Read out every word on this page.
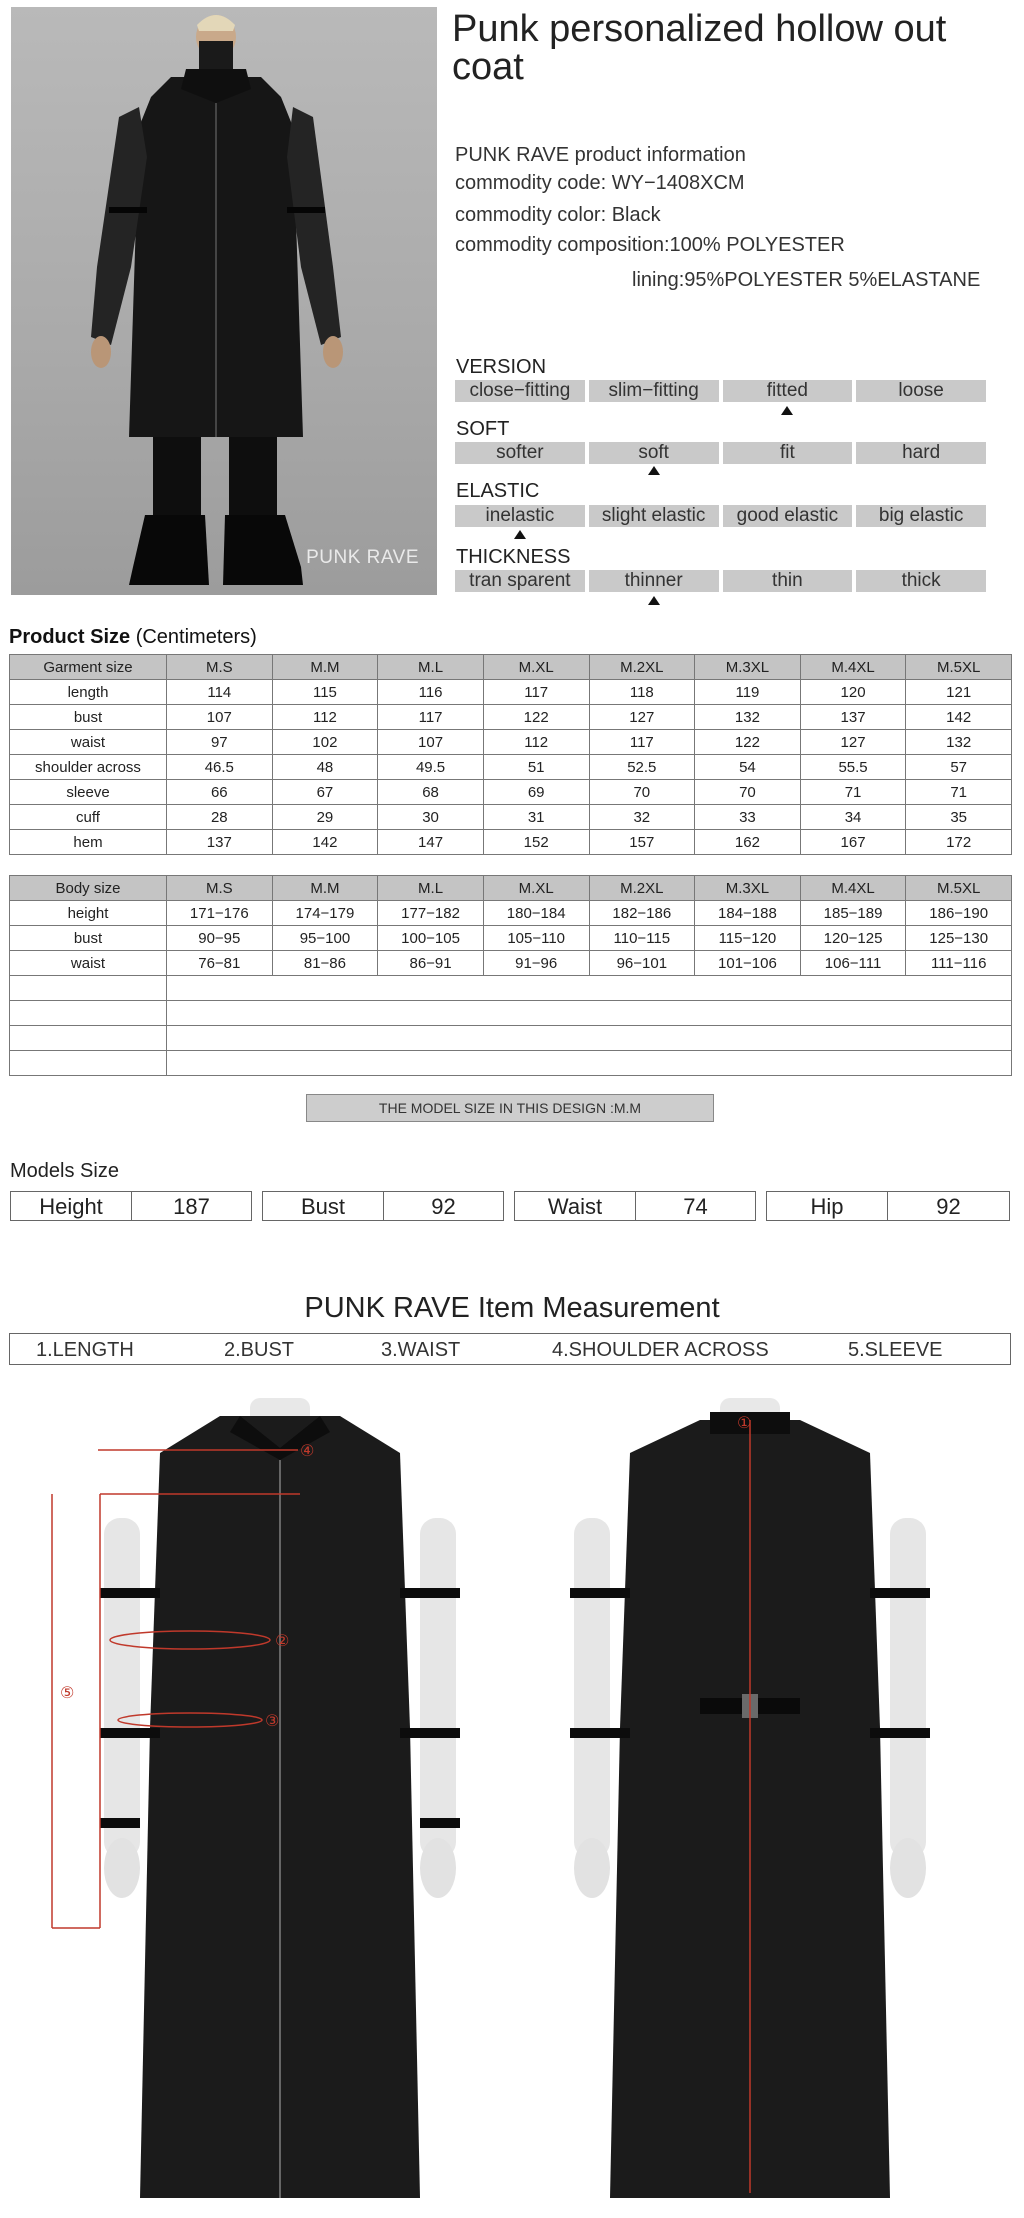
PUNK RAVE
Punk personalized hollow out coat
PUNK RAVE product information
commodity code: WY−1408XCM
commodity color: Black
commodity composition:100% POLYESTER
lining:95%POLYESTER 5%ELASTANE
VERSION
close−fitting	slim−fitting	fitted	loose
SOFT
softer	soft	fit	hard
ELASTIC
inelastic	slight elastic	good elastic	big elastic
THICKNESS
tran sparent	thinner	thin	thick
Product Size (Centimeters)
Garment size	M.S	M.M	M.L	M.XL	M.2XL	M.3XL	M.4XL	M.5XL
length	114	115	116	117	118	119	120	121
bust	107	112	117	122	127	132	137	142
waist	97	102	107	112	117	122	127	132
shoulder across	46.5	48	49.5	51	52.5	54	55.5	57
sleeve	66	67	68	69	70	70	71	71
cuff	28	29	30	31	32	33	34	35
hem	137	142	147	152	157	162	167	172
Body size	M.S	M.M	M.L	M.XL	M.2XL	M.3XL	M.4XL	M.5XL
height	171−176	174−179	177−182	180−184	182−186	184−188	185−189	186−190
bust	90−95	95−100	100−105	105−110	110−115	115−120	120−125	125−130
waist	76−81	81−86	86−91	91−96	96−101	101−106	106−111	111−116

THE MODEL SIZE IN THIS DESIGN :M.M
Models Size
Height	187	Bust	92	Waist	74	Hip	92
PUNK RAVE Item Measurement
1.LENGTH	2.BUST	3.WAIST	4.SHOULDER ACROSS	5.SLEEVE
④
②
③
⑤
①
